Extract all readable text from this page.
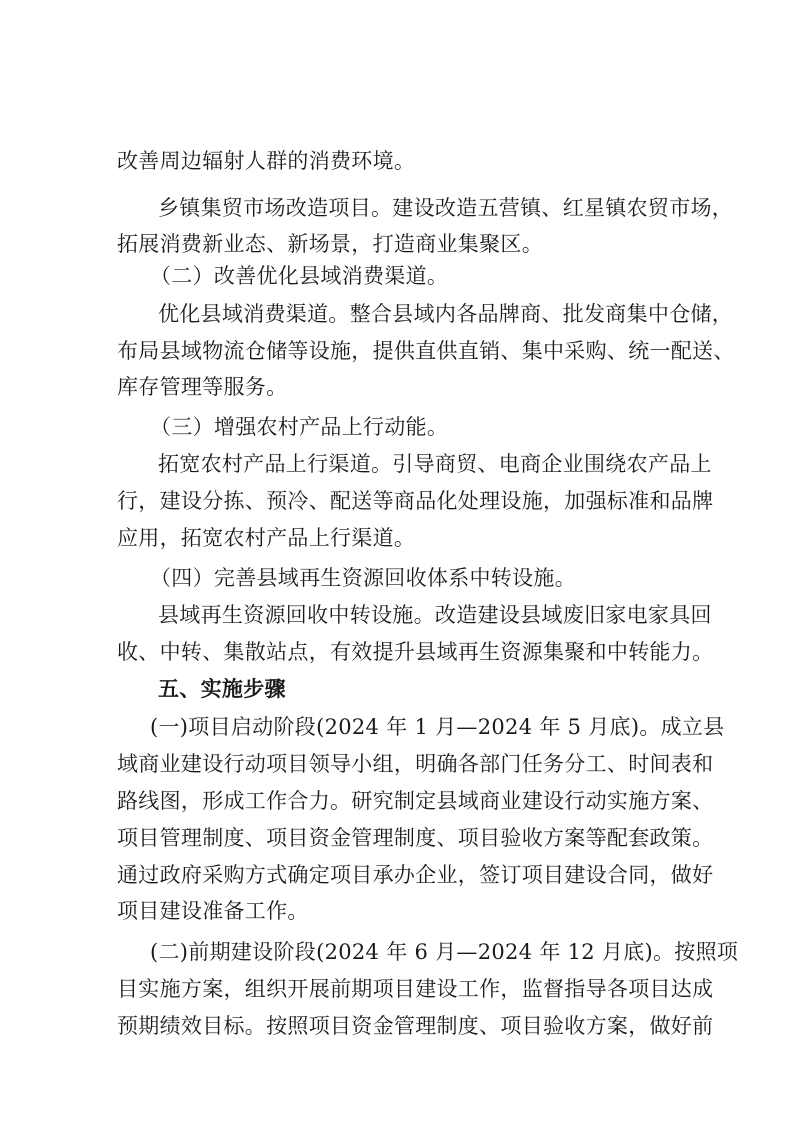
改善周边辐射人群的消费环境。
乡镇集贸市场改造项目。建设改造五营镇、红星镇农贸市场，
拓展消费新业态、新场景，打造商业集聚区。
（二）改善优化县域消费渠道。
优化县域消费渠道。整合县域内各品牌商、批发商集中仓储，
布局县域物流仓储等设施，提供直供直销、集中采购、统一配送、
库存管理等服务。
（三）增强农村产品上行动能。
拓宽农村产品上行渠道。引导商贸、电商企业围绕农产品上
行，建设分拣、预冷、配送等商品化处理设施，加强标准和品牌
应用，拓宽农村产品上行渠道。
（四）完善县域再生资源回收体系中转设施。
县域再生资源回收中转设施。改造建设县域废旧家电家具回
收、中转、集散站点，有效提升县域再生资源集聚和中转能力。
五、实施步骤
(一)项目启动阶段(2024 年 1 月—2024 年 5 月底)。成立县
域商业建设行动项目领导小组，明确各部门任务分工、时间表和
路线图，形成工作合力。研究制定县域商业建设行动实施方案、
项目管理制度、项目资金管理制度、项目验收方案等配套政策。
通过政府采购方式确定项目承办企业，签订项目建设合同，做好
项目建设准备工作。
(二)前期建设阶段(2024 年 6 月—2024 年 12 月底)。按照项
目实施方案，组织开展前期项目建设工作，监督指导各项目达成
预期绩效目标。按照项目资金管理制度、项目验收方案，做好前
